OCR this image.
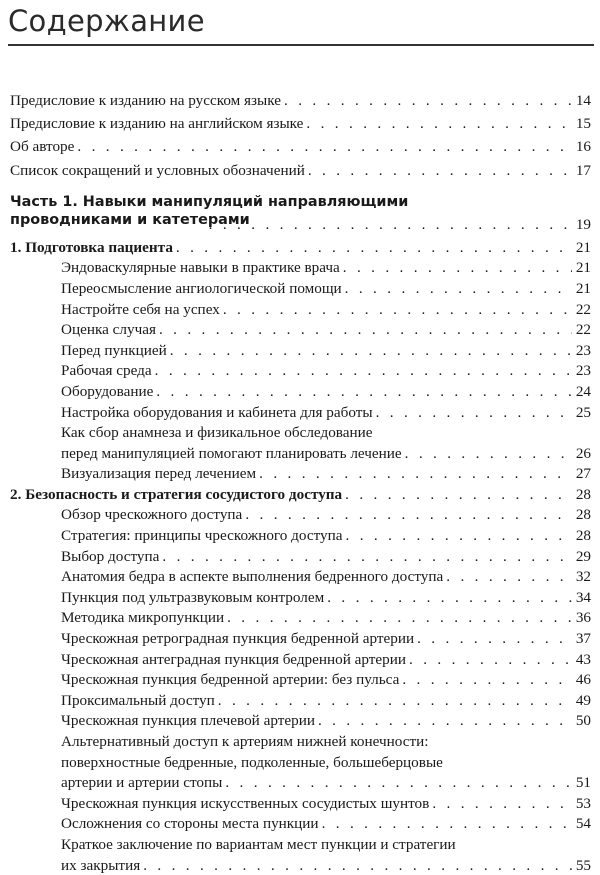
Содержание
Предисловие к изданию на русском языке . . .	14
Предисловие к изданию на английском языке . . .	15
Об авторе . . .	16
Список сокращений и условных обозначений . . .	17
Часть 1. Навыки манипуляций направляющими
проводниками и катетерами . . .	19
1. Подготовка пациента . . .	21
Эндоваскулярные навыки в практике врача . . .	21
Переосмысление ангиологической помощи . . .	21
Настройте себя на успех . . .	22
Оценка случая . . .	22
Перед пункцией . . .	23
Рабочая среда . . .	23
Оборудование . . .	24
Настройка оборудования и кабинета для работы . . .	25
Как сбор анамнеза и физикальное обследование
перед манипуляцией помогают планировать лечение . . .	26
Визуализация перед лечением . . .	27
2. Безопасность и стратегия сосудистого доступа . . .	28
Обзор чрескожного доступа . . .	28
Стратегия: принципы чрескожного доступа . . .	28
Выбор доступа . . .	29
Анатомия бедра в аспекте выполнения бедренного доступа . . .	32
Пункция под ультразвуковым контролем . . .	34
Методика микропункции . . .	36
Чрескожная ретроградная пункция бедренной артерии . . .	37
Чрескожная антеградная пункция бедренной артерии . . .	43
Чрескожная пункция бедренной артерии: без пульса . . .	46
Проксимальный доступ . . .	49
Чрескожная пункция плечевой артерии . . .	50
Альтернативный доступ к артериям нижней конечности:
поверхностные бедренные, подколенные, большеберцовые
артерии и артерии стопы . . .	51
Чрескожная пункция искусственных сосудистых шунтов . . .	53
Осложнения со стороны места пункции . . .	54
Краткое заключение по вариантам мест пункции и стратегии
их закрытия . . .	55
